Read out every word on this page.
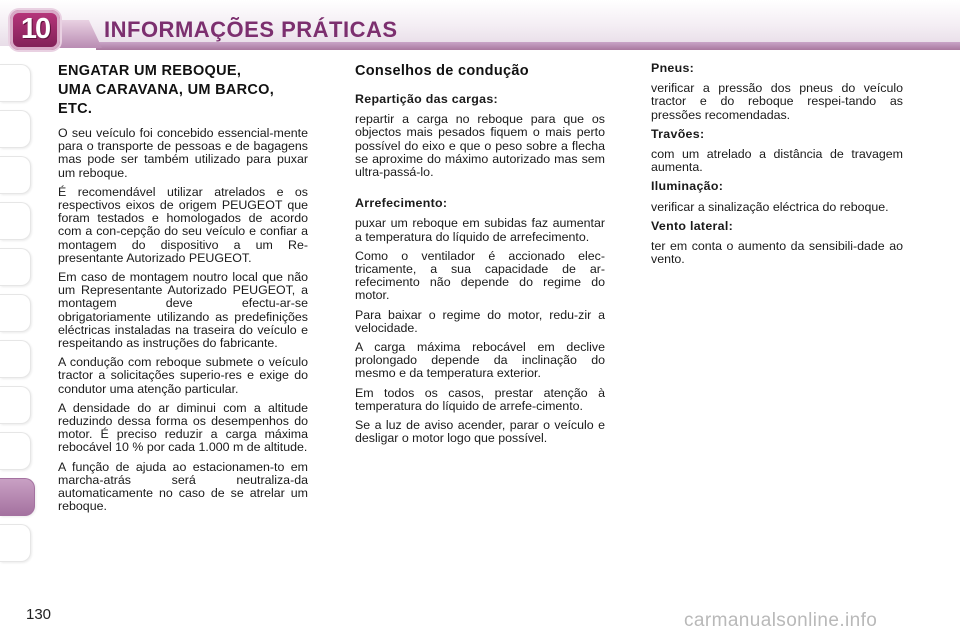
10	INFORMAÇÕES PRÁTICAS
ENGATAR UM REBOQUE,
UMA CARAVANA, UM BARCO,
ETC.

O seu veículo foi concebido essencial-mente para o transporte de pessoas e de bagagens mas pode ser também utilizado para puxar um reboque.

É recomendável utilizar atrelados e os respectivos eixos de origem PEUGEOT que foram testados e homologados de acordo com a con-cepção do seu veículo e confiar a montagem do dispositivo a um Re-presentante Autorizado PEUGEOT.

Em caso de montagem noutro local que não um Representante Autorizado PEUGEOT, a montagem deve efectu-ar-se obrigatoriamente utilizando as predefinições eléctricas instaladas na traseira do veículo e respeitando as instruções do fabricante.

A condução com reboque submete o veículo tractor a solicitações superio-res e exige do condutor uma atenção particular.

A densidade do ar diminui com a altitude reduzindo dessa forma os desempenhos do motor. É preciso reduzir a carga máxima rebocável 10 % por cada 1.000 m de altitude.

A função de ajuda ao estacionamen-to em marcha-atrás será neutraliza-da automaticamente no caso de se atrelar um reboque.

Conselhos de condução
Repartição das cargas:

repartir a carga no reboque para que os objectos mais pesados fiquem o mais perto possível do eixo e que o peso sobre a flecha se aproxime do máximo autorizado mas sem ultra-passá-lo.

Arrefecimento:

puxar um reboque em subidas faz aumentar a temperatura do líquido de arrefecimento.

Como o ventilador é accionado elec-tricamente, a sua capacidade de ar-refecimento não depende do regime do motor.

Para baixar o regime do motor, redu-zir a velocidade.

A carga máxima rebocável em declive prolongado depende da inclinação do mesmo e da temperatura exterior.

Em todos os casos, prestar atenção à temperatura do líquido de arrefe-cimento.

Se a luz de aviso acender, parar o veículo e desligar o motor logo que possível.

Pneus:

verificar a pressão dos pneus do veículo tractor e do reboque respei-tando as pressões recomendadas.

Travões:

com um atrelado a distância de travagem aumenta.

Iluminação:

verificar a sinalização eléctrica do reboque.

Vento lateral:

ter em conta o aumento da sensibili-dade ao vento.

130	carmanualsonline.info
